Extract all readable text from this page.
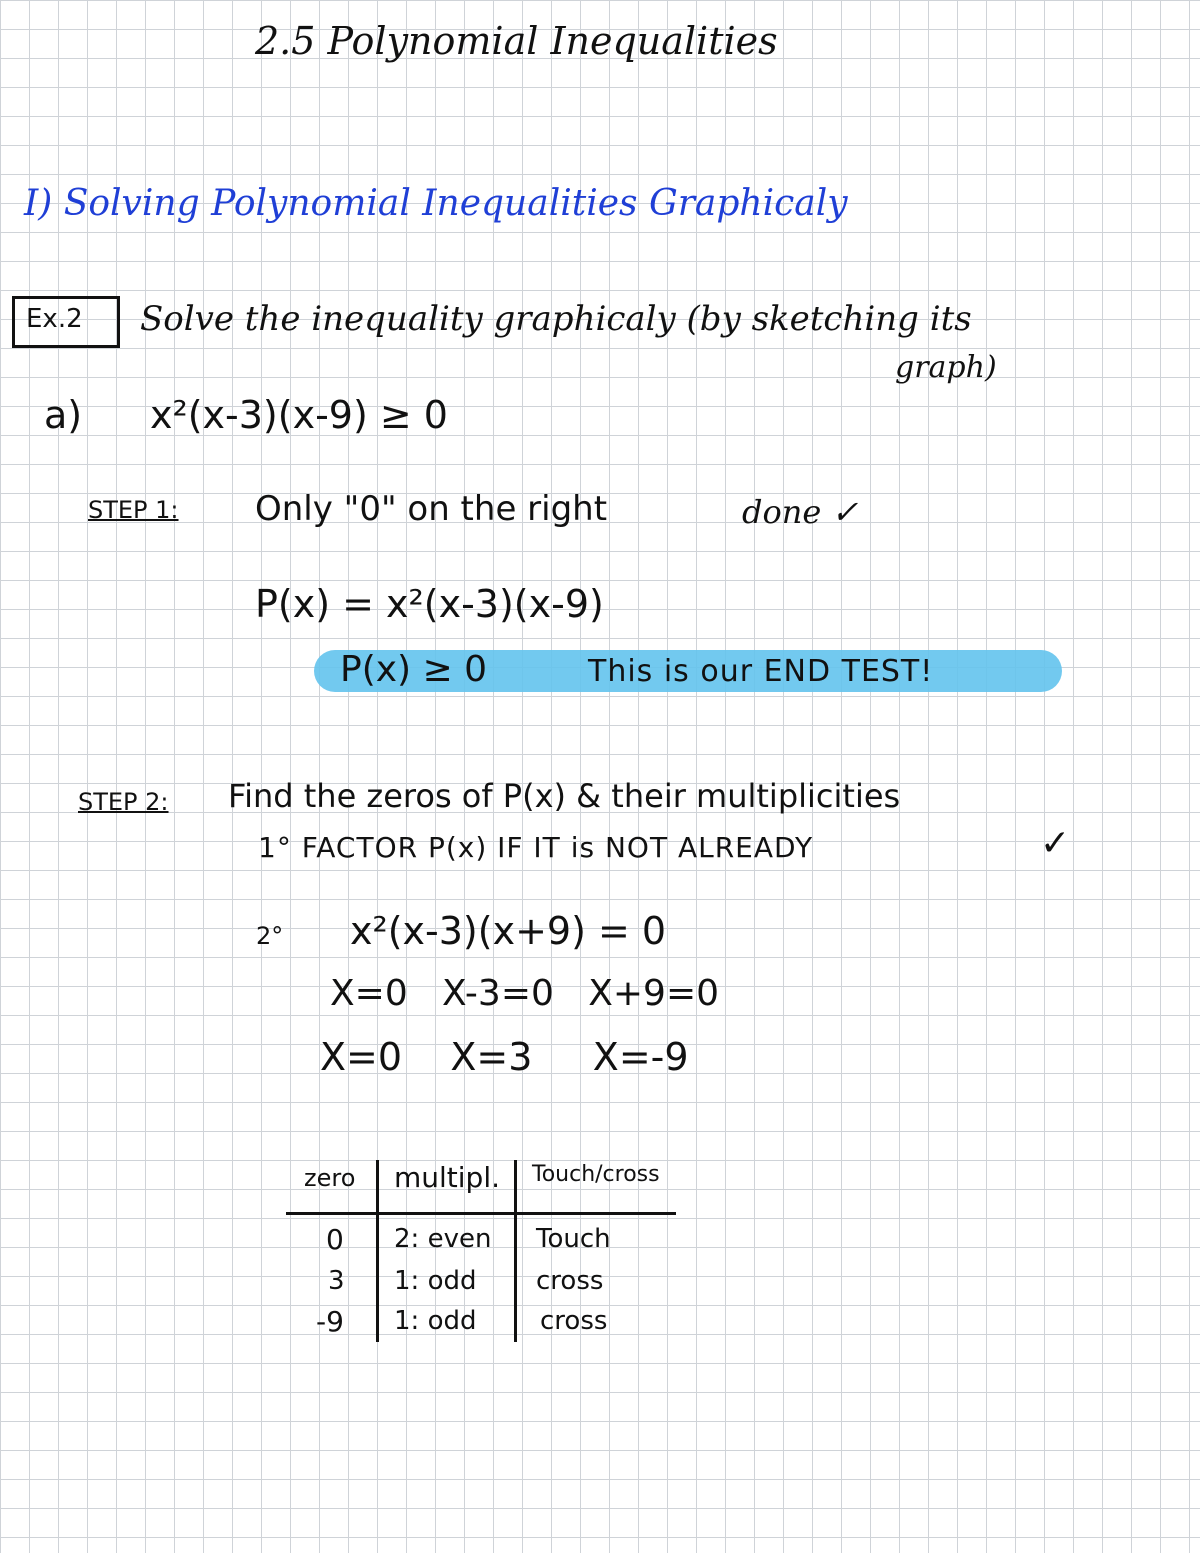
2.5 Polynomial Inequalities
I) Solving Polynomial Inequalities Graphicaly
Ex.2 Solve the inequality graphicaly (by sketching its
graph)
a) x²(x-3)(x-9) ≥ 0
STEP 1: Only "0" on the right	done ✓
P(x) = x²(x-3)(x-9)
P(x) ≥ 0	This is our END TEST!
STEP 2: Find the zeros of P(x) & their multiplicities
1° FACTOR P(x) IF IT is NOT ALREADY	✓
2° x²(x-3)(x+9) = 0
X=0   X-3=0   X+9=0
X=0    X=3     X=-9
zero multipl. Touch/cross
0 2: even Touch
3 1: odd cross
-9 1: odd cross
